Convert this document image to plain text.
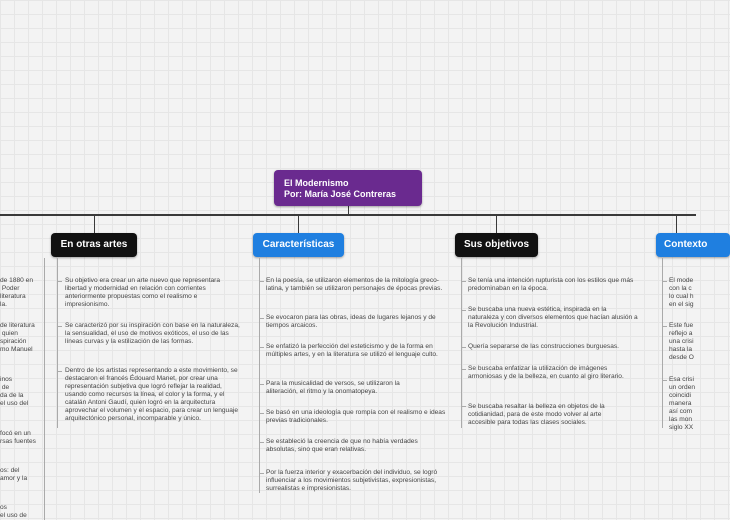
El Modernismo
Por: María José Contreras
En otras artes	Características	Sus objetivos	Contexto
de 1880 en
Poder
literatura
la.
de literatura
quien
spiración
mo Manuel
inos
de
da de la
el uso del
focó en un
rsas fuentes
os: del
amor y la
os
el uso de
Su objetivo era crear un arte nuevo que representara libertad y modernidad en relación con corrientes anteriormente propuestas como el realismo e impresionismo.
Se caracterizó por su inspiración con base en la naturaleza, la sensualidad, el uso de motivos exóticos, el uso de las líneas curvas y la estilización de las formas.
Dentro de los artistas representando a este movimiento, se destacaron el francés Édouard Manet, por crear una representación subjetiva que logró reflejar la realidad, usando como recursos la línea, el color y la forma, y el catalán Antoni Gaudí, quien logró en la arquitectura aprovechar el volumen y el espacio, para crear un lenguaje arquitectónico personal, incomparable y único.
En la poesía, se utilizaron elementos de la mitología greco-latina, y también se utilizaron personajes de épocas previas.
Se evocaron para las obras, ideas de lugares lejanos y de tiempos arcaicos.
Se enfatizó la perfección del esteticismo y de la forma en múltiples artes, y en la literatura se utilizó el lenguaje culto.
Para la musicalidad de versos, se utilizaron la aliteración, el ritmo y la onomatopeya.
Se basó en una ideología que rompía con el realismo e ideas previas tradicionales.
Se estableció la creencia de que no había verdades absolutas, sino que eran relativas.
Por la fuerza interior y exacerbación del individuo, se logró influenciar a los movimientos subjetivistas, expresionistas, surrealistas e impresionistas.
Se tenía una intención rupturista con los estilos que más predominaban en la época.
Se buscaba una nueva estética, inspirada en la naturaleza y con diversos elementos que hacían alusión a la Revolución Industrial.
Quería separarse de las construcciones burguesas.
Se buscaba enfatizar la utilización de imágenes armoniosas y de la belleza, en cuanto al giro literario.
Se buscaba resaltar la belleza en objetos de la cotidianidad, para de este modo volver al arte accesible para todas las clases sociales.
El mode
con la c
lo cual h
en el sig
Este fue
reflejo a
una crisi
hasta la
desde O
Esa crisi
un orden
coincidi
manera
así com
las mon
siglo XX
